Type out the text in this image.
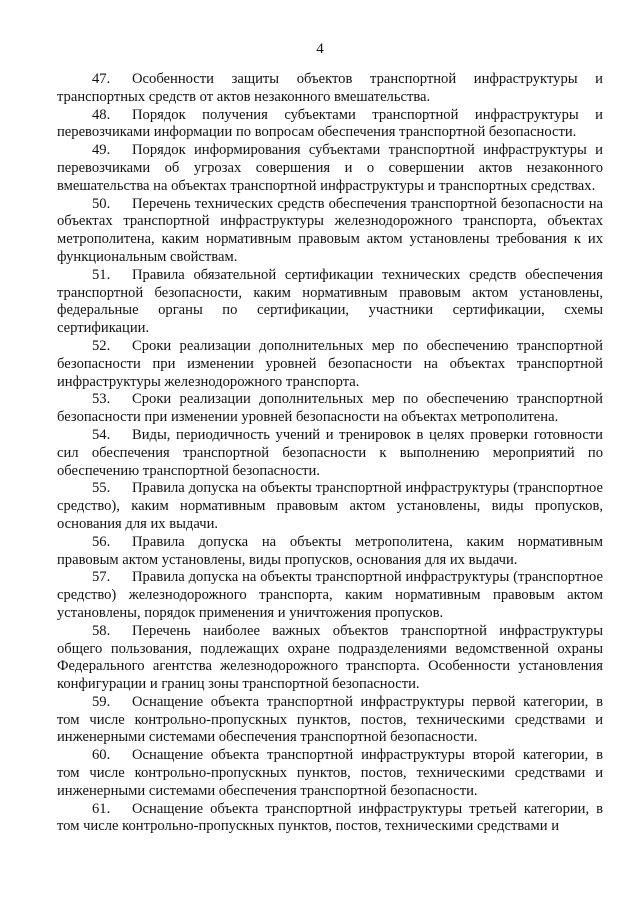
4

47. Особенности защиты объектов транспортной инфраструктуры и транспортных средств от актов незаконного вмешательства.

48. Порядок получения субъектами транспортной инфраструктуры и перевозчиками информации по вопросам обеспечения транспортной безопасности.

49. Порядок информирования субъектами транспортной инфраструктуры и перевозчиками об угрозах совершения и о совершении актов незаконного вмешательства на объектах транспортной инфраструктуры и транспортных средствах.

50. Перечень технических средств обеспечения транспортной безопасности на объектах транспортной инфраструктуры железнодорожного транспорта, объектах метрополитена, каким нормативным правовым актом установлены требования к их функциональным свойствам.

51. Правила обязательной сертификации технических средств обеспечения транспортной безопасности, каким нормативным правовым актом установлены, федеральные органы по сертификации, участники сертификации, схемы сертификации.

52. Сроки реализации дополнительных мер по обеспечению транспортной безопасности при изменении уровней безопасности на объектах транспортной инфраструктуры железнодорожного транспорта.

53. Сроки реализации дополнительных мер по обеспечению транспортной безопасности при изменении уровней безопасности на объектах метрополитена.

54. Виды, периодичность учений и тренировок в целях проверки готовности сил обеспечения транспортной безопасности к выполнению мероприятий по обеспечению транспортной безопасности.

55. Правила допуска на объекты транспортной инфраструктуры (транспортное средство), каким нормативным правовым актом установлены, виды пропусков, основания для их выдачи.

56. Правила допуска на объекты метрополитена, каким нормативным правовым актом установлены, виды пропусков, основания для их выдачи.

57. Правила допуска на объекты транспортной инфраструктуры (транспортное средство) железнодорожного транспорта, каким нормативным правовым актом установлены, порядок применения и уничтожения пропусков.

58. Перечень наиболее важных объектов транспортной инфраструктуры общего пользования, подлежащих охране подразделениями ведомственной охраны Федерального агентства железнодорожного транспорта. Особенности установления конфигурации и границ зоны транспортной безопасности.

59. Оснащение объекта транспортной инфраструктуры первой категории, в том числе контрольно-пропускных пунктов, постов, техническими средствами и инженерными системами обеспечения транспортной безопасности.

60. Оснащение объекта транспортной инфраструктуры второй категории, в том числе контрольно-пропускных пунктов, постов, техническими средствами и инженерными системами обеспечения транспортной безопасности.

61. Оснащение объекта транспортной инфраструктуры третьей категории, в том числе контрольно-пропускных пунктов, постов, техническими средствами и
